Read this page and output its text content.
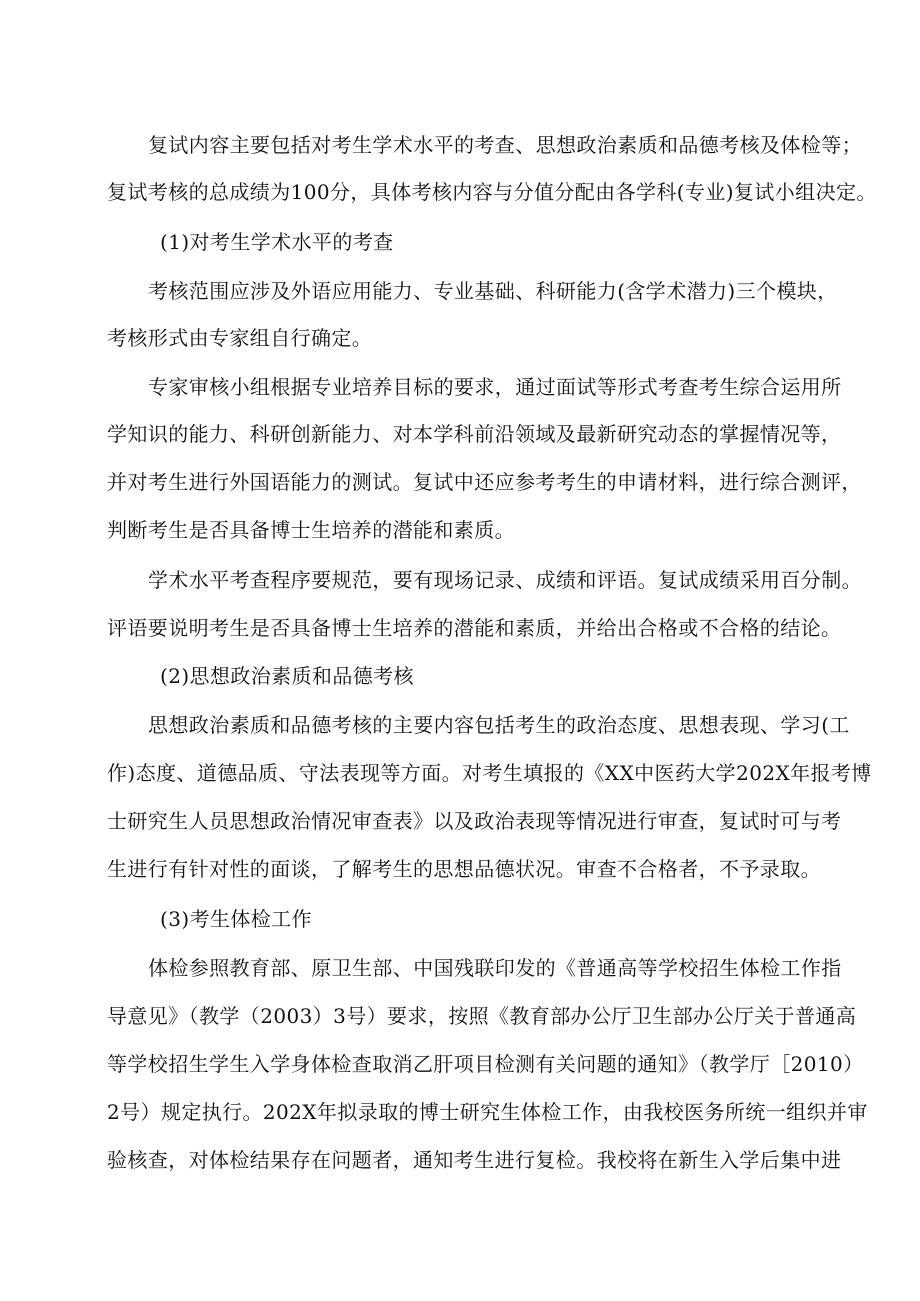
复试内容主要包括对考生学术水平的考查、思想政治素质和品德考核及体检等；
复试考核的总成绩为100分，具体考核内容与分值分配由各学科(专业)复试小组决定。
(1)对考生学术水平的考查
考核范围应涉及外语应用能力、专业基础、科研能力(含学术潜力)三个模块，
考核形式由专家组自行确定。
专家审核小组根据专业培养目标的要求，通过面试等形式考查考生综合运用所
学知识的能力、科研创新能力、对本学科前沿领域及最新研究动态的掌握情况等，
并对考生进行外国语能力的测试。复试中还应参考考生的申请材料，进行综合测评，
判断考生是否具备博士生培养的潜能和素质。
学术水平考查程序要规范，要有现场记录、成绩和评语。复试成绩采用百分制。
评语要说明考生是否具备博士生培养的潜能和素质，并给出合格或不合格的结论。
(2)思想政治素质和品德考核
思想政治素质和品德考核的主要内容包括考生的政治态度、思想表现、学习(工
作)态度、道德品质、守法表现等方面。对考生填报的《XX中医药大学202X年报考博
士研究生人员思想政治情况审查表》以及政治表现等情况进行审查，复试时可与考
生进行有针对性的面谈，了解考生的思想品德状况。审查不合格者，不予录取。
(3)考生体检工作
体检参照教育部、原卫生部、中国残联印发的《普通高等学校招生体检工作指
导意见》（教学（2003）3号）要求，按照《教育部办公厅卫生部办公厅关于普通高
等学校招生学生入学身体检查取消乙肝项目检测有关问题的通知》（教学厅［2010）
2号）规定执行。202X年拟录取的博士研究生体检工作，由我校医务所统一组织并审
验核查，对体检结果存在问题者，通知考生进行复检。我校将在新生入学后集中进
